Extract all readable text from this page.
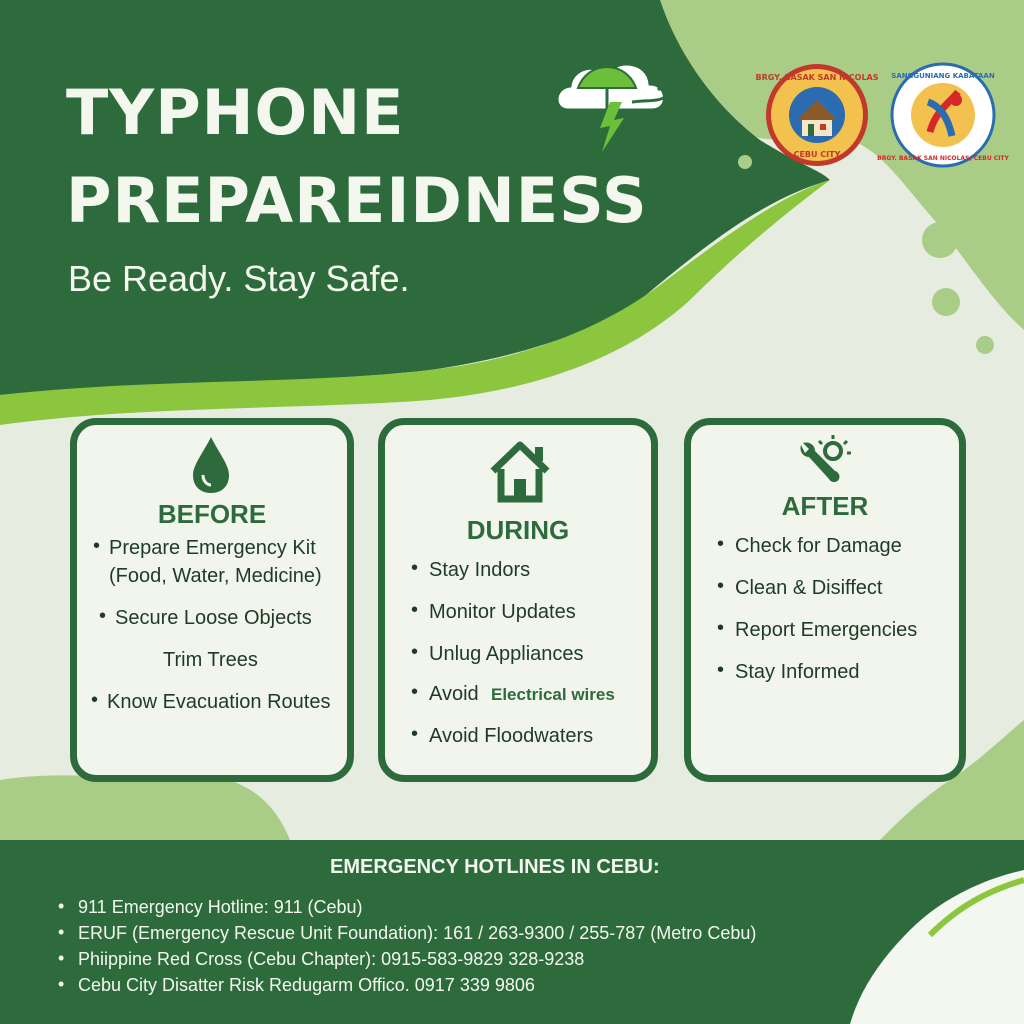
TYPHONE
PREPAREIDNESS

Be Ready. Stay Safe.

BRGY. BASAK SAN NICOLAS
CEBU CITY
SANGGUNIANG KABATAAN
BRGY. BASAK SAN NICOLAS, CEBU CITY
BEFORE
• Prepare Emergency Kit
(Food, Water, Medicine)
• Secure Loose Objects
Trim Trees
• Know Evacuation Routes
DURING
• Stay Indors
• Monitor Updates
• Unlug Appliances
• Avoid Electrical wires
• Avoid Floodwaters
AFTER
• Check for Damage
• Clean & Disiffect
• Report Emergencies
• Stay Informed
EMERGENCY HOTLINES IN CEBU:
• 911 Emergency Hotline: 911 (Cebu)
• ERUF (Emergency Rescue Unit Foundation): 161 / 263-9300 / 255-787 (Metro Cebu)
• Phiippine Red Cross (Cebu Chapter): 0915-583-9829 328-9238
• Cebu City Disatter Risk Redugarm Offico. 0917 339 9806
